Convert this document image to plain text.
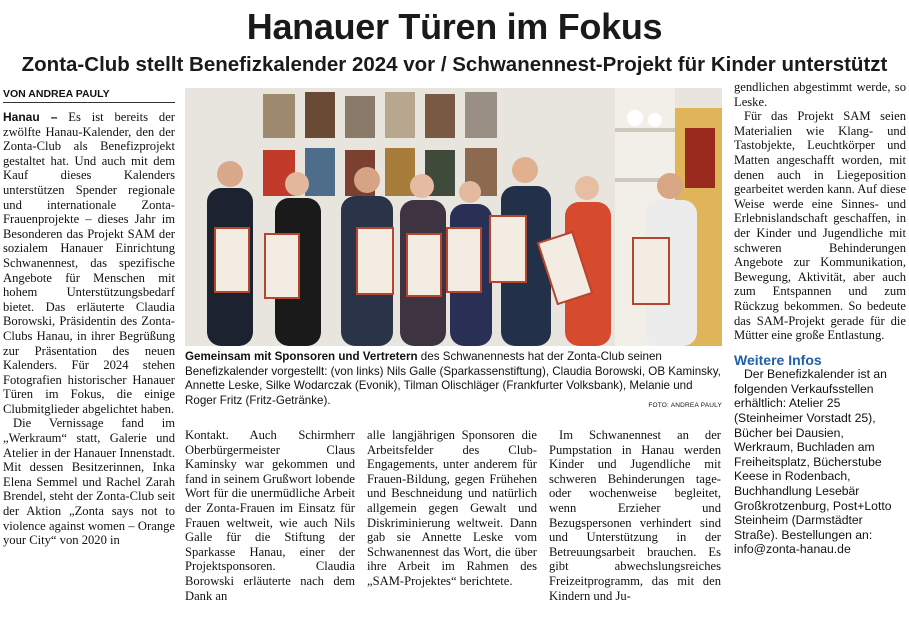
Hanauer Türen im Fokus
Zonta-Club stellt Benefizkalender 2024 vor / Schwanennest-Projekt für Kinder unterstützt
VON ANDREA PAULY

Hanau – Es ist bereits der zwölfte Hanau-Kalender, den der Zonta-Club als Benefizprojekt gestaltet hat. Und auch mit dem Kauf dieses Kalenders unterstützen Spender regionale und internationale Zonta-Frauenprojekte – dieses Jahr im Besonderen das Projekt SAM der sozialem Hanauer Einrichtung Schwanennest, das spezifische Angebote für Menschen mit hohem Unterstützungsbedarf bietet. Das erläuterte Claudia Borowski, Präsidentin des Zonta-Clubs Hanau, in ihrer Begrüßung zur Präsentation des neuen Kalenders. Für 2024 stehen Fotografien historischer Hanauer Türen im Fokus, die einige Clubmitglieder abgelichtet haben.

Die Vernissage fand im „Werkraum“ statt, Galerie und Atelier in der Hanauer Innenstadt. Mit dessen Besitzerinnen, Inka Elena Semmel und Rachel Zarah Brendel, steht der Zonta-Club seit der Aktion „Zonta says not to violence against women – Orange your City“ von 2020 in

Gemeinsam mit Sponsoren und Vertretern des Schwanennests hat der Zonta-Club seinen Benefizkalender vorgestellt: (von links) Nils Galle (Sparkassenstiftung), Claudia Borowski, OB Kaminsky, Annette Leske, Silke Wodarczak (Evonik), Tilman Olischläger (Frankfurter Volksbank), Melanie und Roger Fritz (Fritz-Getränke).	FOTO: ANDREA PAULY

Kontakt. Auch Schirmherr Oberbürgermeister Claus Kaminsky war gekommen und fand in seinem Grußwort lobende Wort für die unermüdliche Arbeit der Zonta-Frauen im Einsatz für Frauen weltweit, wie auch Nils Galle für die Stiftung der Sparkasse Hanau, einer der Projektsponsoren. Claudia Borowski erläuterte nach dem Dank an

alle langjährigen Sponsoren die Arbeitsfelder des Club-Engagements, unter anderem für Frauen-Bildung, gegen Frühehen und Beschneidung und natürlich allgemein gegen Gewalt und Diskriminierung weltweit. Dann gab sie Annette Leske vom Schwanennest das Wort, die über ihre Arbeit im Rahmen des „SAM-Projektes“ berichtete.

Im Schwanennest an der Pumpstation in Hanau werden Kinder und Jugendliche mit schweren Behinderungen tage- oder wochenweise begleitet, wenn Erzieher und Bezugspersonen verhindert sind und Unterstützung in der Betreuungsarbeit brauchen. Es gibt abwechslungsreiches Freizeitprogramm, das mit den Kindern und Ju-

gendlichen abgestimmt werde, so Leske.

Für das Projekt SAM seien Materialien wie Klang- und Tastobjekte, Leuchtkörper und Matten angeschafft worden, mit denen auch in Liegeposition gearbeitet werden kann. Auf diese Weise werde eine Sinnes- und Erlebnislandschaft geschaffen, in der Kinder und Jugendliche mit schweren Behinderungen Angebote zur Kommunikation, Bewegung, Aktivität, aber auch zum Entspannen und zum Rückzug bekommen. So bedeute das SAM-Projekt gerade für die Mütter eine große Entlastung.

Weitere Infos

Der Benefizkalender ist an folgenden Verkaufsstellen erhältlich: Atelier 25 (Steinheimer Vorstadt 25), Bücher bei Dausien, Werkraum, Buchladen am Freiheitsplatz, Bücherstube Keese in Rodenbach, Buchhandlung Lesebär Großkrotzenburg, Post+Lotto Steinheim (Darmstädter Straße). Bestellungen an: info@zonta-hanau.de
